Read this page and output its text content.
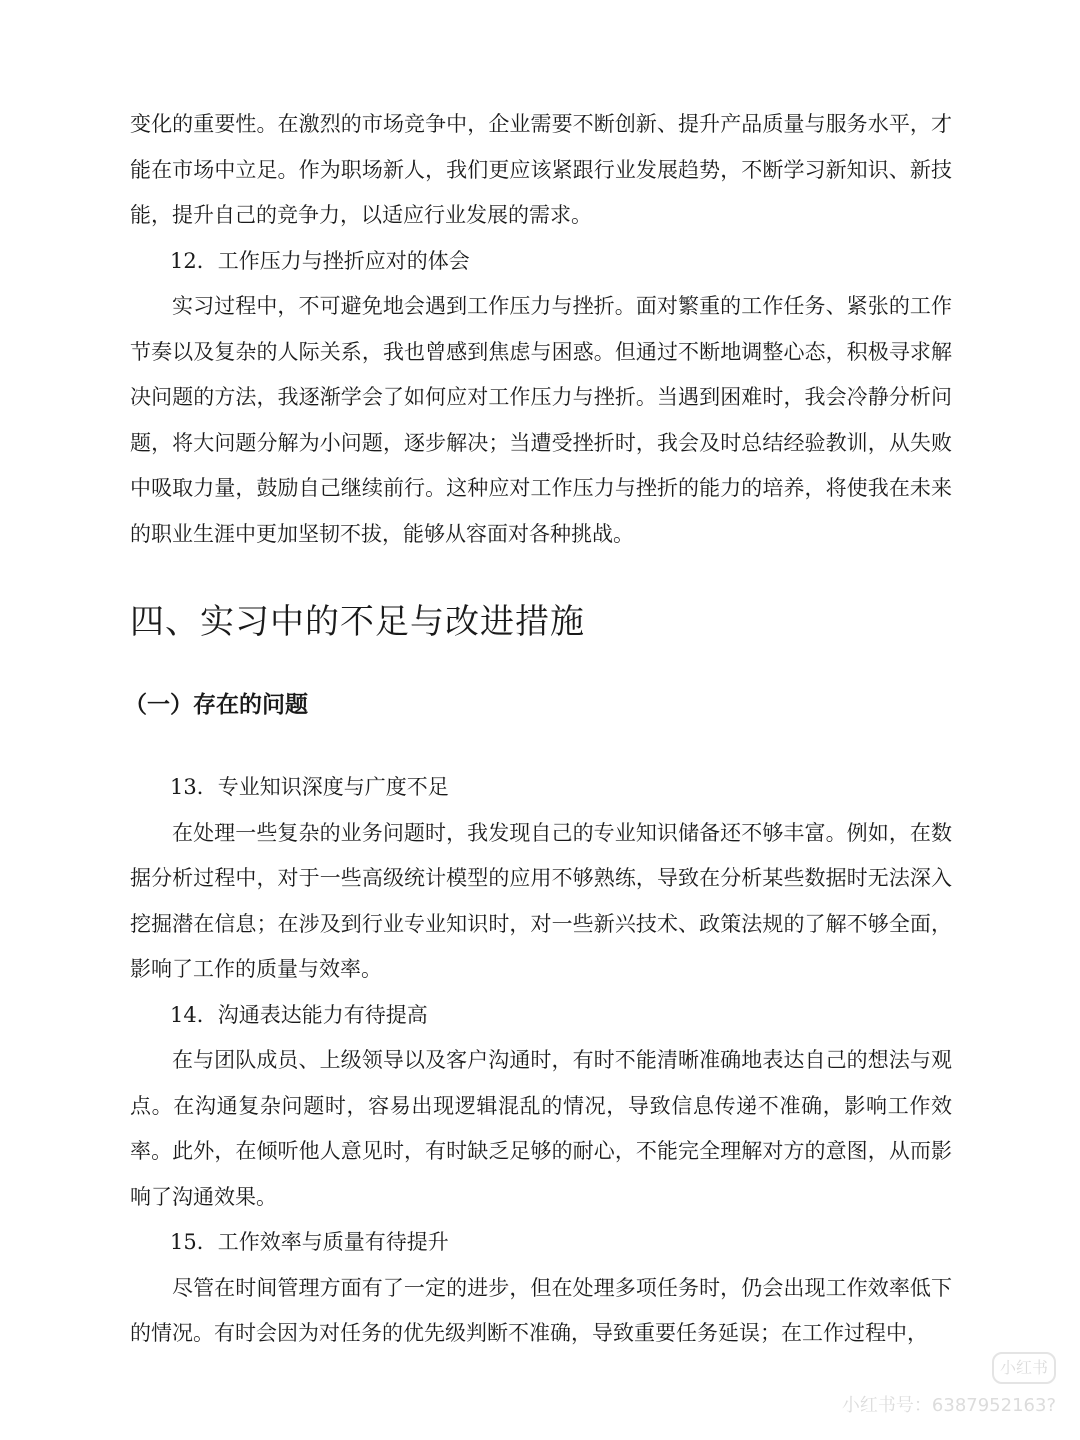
变化的重要性。在激烈的市场竞争中，企业需要不断创新、提升产品质量与服务水平，才能在市场中立足。作为职场新人，我们更应该紧跟行业发展趋势，不断学习新知识、新技能，提升自己的竞争力，以适应行业发展的需求。

12．工作压力与挫折应对的体会

实习过程中，不可避免地会遇到工作压力与挫折。面对繁重的工作任务、紧张的工作节奏以及复杂的人际关系，我也曾感到焦虑与困惑。但通过不断地调整心态，积极寻求解决问题的方法，我逐渐学会了如何应对工作压力与挫折。当遇到困难时，我会冷静分析问题，将大问题分解为小问题，逐步解决；当遭受挫折时，我会及时总结经验教训，从失败中吸取力量，鼓励自己继续前行。这种应对工作压力与挫折的能力的培养，将使我在未来的职业生涯中更加坚韧不拔，能够从容面对各种挑战。

四、实习中的不足与改进措施
（一）存在的问题

13．专业知识深度与广度不足

在处理一些复杂的业务问题时，我发现自己的专业知识储备还不够丰富。例如，在数据分析过程中，对于一些高级统计模型的应用不够熟练，导致在分析某些数据时无法深入挖掘潜在信息；在涉及到行业专业知识时，对一些新兴技术、政策法规的了解不够全面，影响了工作的质量与效率。

14．沟通表达能力有待提高

在与团队成员、上级领导以及客户沟通时，有时不能清晰准确地表达自己的想法与观点。在沟通复杂问题时，容易出现逻辑混乱的情况，导致信息传递不准确，影响工作效率。此外，在倾听他人意见时，有时缺乏足够的耐心，不能完全理解对方的意图，从而影响了沟通效果。

15．工作效率与质量有待提升

尽管在时间管理方面有了一定的进步，但在处理多项任务时，仍会出现工作效率低下的情况。有时会因为对任务的优先级判断不准确，导致重要任务延误；在工作过程中，

小红书
小红书号：6387952163?
